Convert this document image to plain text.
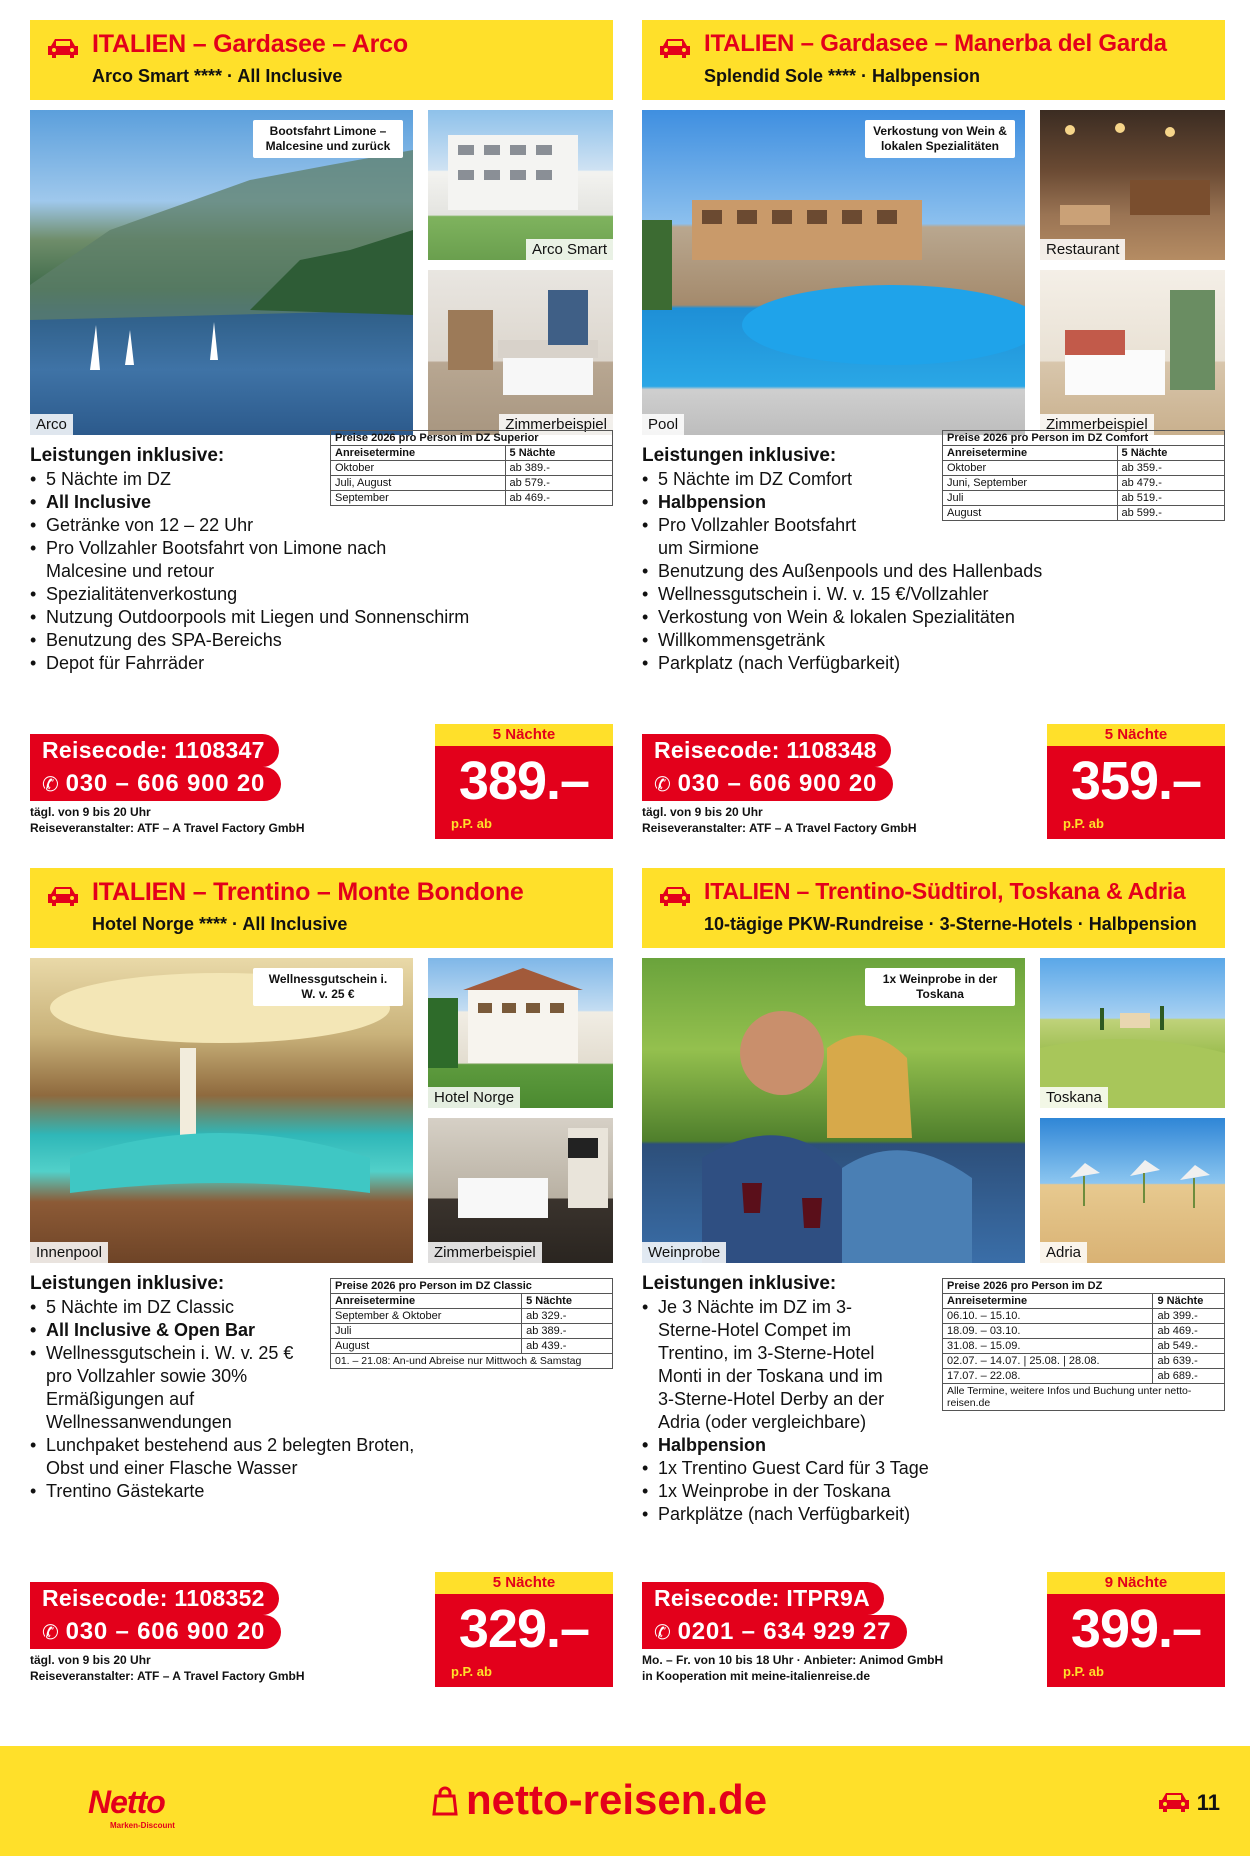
ITALIEN – Gardasee – Arco
Arco Smart **** · All Inclusive
Bootsfahrt Limone – Malcesine und zurück
Arco
Arco Smart
Zimmerbeispiel
Leistungen inklusive:
• 5 Nächte im DZ
• All Inclusive
• Getränke von 12 – 22 Uhr
• Pro Vollzahler Bootsfahrt von Limone nach Malcesine und retour
• Spezialitätenverkostung
• Nutzung Outdoorpools mit Liegen und Sonnenschirm
• Benutzung des SPA-Bereichs
• Depot für Fahrräder
Preise 2026 pro Person im DZ Superior	
Anreisetermine	5 Nächte
Oktober	ab 389.-
Juli, August	ab 579.-
September	ab 469.-
Reisecode: 1108347
✆ 030 – 606 900 20
tägl. von 9 bis 20 Uhr
Reiseveranstalter: ATF – A Travel Factory GmbH
5 Nächte
389.–
p.P. ab
ITALIEN – Gardasee – Manerba del Garda
Splendid Sole **** · Halbpension
Verkostung von Wein & lokalen Spezialitäten
Pool
Restaurant
Zimmerbeispiel
Leistungen inklusive:
• 5 Nächte im DZ Comfort
• Halbpension
• Pro Vollzahler Bootsfahrt um Sirmione
• Benutzung des Außenpools und des Hallenbads
• Wellnessgutschein i. W. v. 15 €/Vollzahler
• Verkostung von Wein & lokalen Spezialitäten
• Willkommensgetränk
• Parkplatz (nach Verfügbarkeit)
Preise 2026 pro Person im DZ Comfort	
Anreisetermine	5 Nächte
Oktober	ab 359.-
Juni, September	ab 479.-
Juli	ab 519.-
August	ab 599.-
Reisecode: 1108348
✆ 030 – 606 900 20
tägl. von 9 bis 20 Uhr
Reiseveranstalter: ATF – A Travel Factory GmbH
5 Nächte
359.–
p.P. ab
ITALIEN – Trentino – Monte Bondone
Hotel Norge **** · All Inclusive
Wellnessgutschein i. W. v. 25 €
Innenpool
Hotel Norge
Zimmerbeispiel
Leistungen inklusive:
• 5 Nächte im DZ Classic
• All Inclusive & Open Bar
• Wellnessgutschein i. W. v. 25 € pro Vollzahler sowie 30% Ermäßigungen auf Wellnessanwendungen
• Lunchpaket bestehend aus 2 belegten Broten, Obst und einer Flasche Wasser
• Trentino Gästekarte
Preise 2026 pro Person im DZ Classic	
Anreisetermine	5 Nächte
September & Oktober	ab 329.-
Juli	ab 389.-
August	ab 439.-
01. – 21.08: An-und Abreise nur Mittwoch & Samstag	
Reisecode: 1108352
✆ 030 – 606 900 20
tägl. von 9 bis 20 Uhr
Reiseveranstalter: ATF – A Travel Factory GmbH
5 Nächte
329.–
p.P. ab
ITALIEN – Trentino-Südtirol, Toskana & Adria
10-tägige PKW-Rundreise · 3-Sterne-Hotels · Halbpension
1x Weinprobe in der Toskana
Weinprobe
Toskana
Adria
Leistungen inklusive:
• Je 3 Nächte im DZ im 3-Sterne-Hotel Compet im Trentino, im 3-Sterne-Hotel Monti in der Toskana und im 3-Sterne-Hotel Derby an der Adria (oder vergleichbare)
• Halbpension
• 1x Trentino Guest Card für 3 Tage
• 1x Weinprobe in der Toskana
• Parkplätze (nach Verfügbarkeit)
Preise 2026 pro Person im DZ	
Anreisetermine	9 Nächte
06.10. – 15.10.	ab 399.-
18.09. – 03.10.	ab 469.-
31.08. – 15.09.	ab 549.-
02.07. – 14.07. | 25.08. | 28.08.	ab 639.-
17.07. – 22.08.	ab 689.-
Alle Termine, weitere Infos und Buchung unter netto-reisen.de	
Reisecode: ITPR9A
✆ 0201 – 634 929 27
Mo. – Fr. von 10 bis 18 Uhr · Anbieter: Animod GmbH
in Kooperation mit meine-italienreise.de
9 Nächte
399.–
p.P. ab
Netto
Marken-Discount
netto-reisen.de	11
